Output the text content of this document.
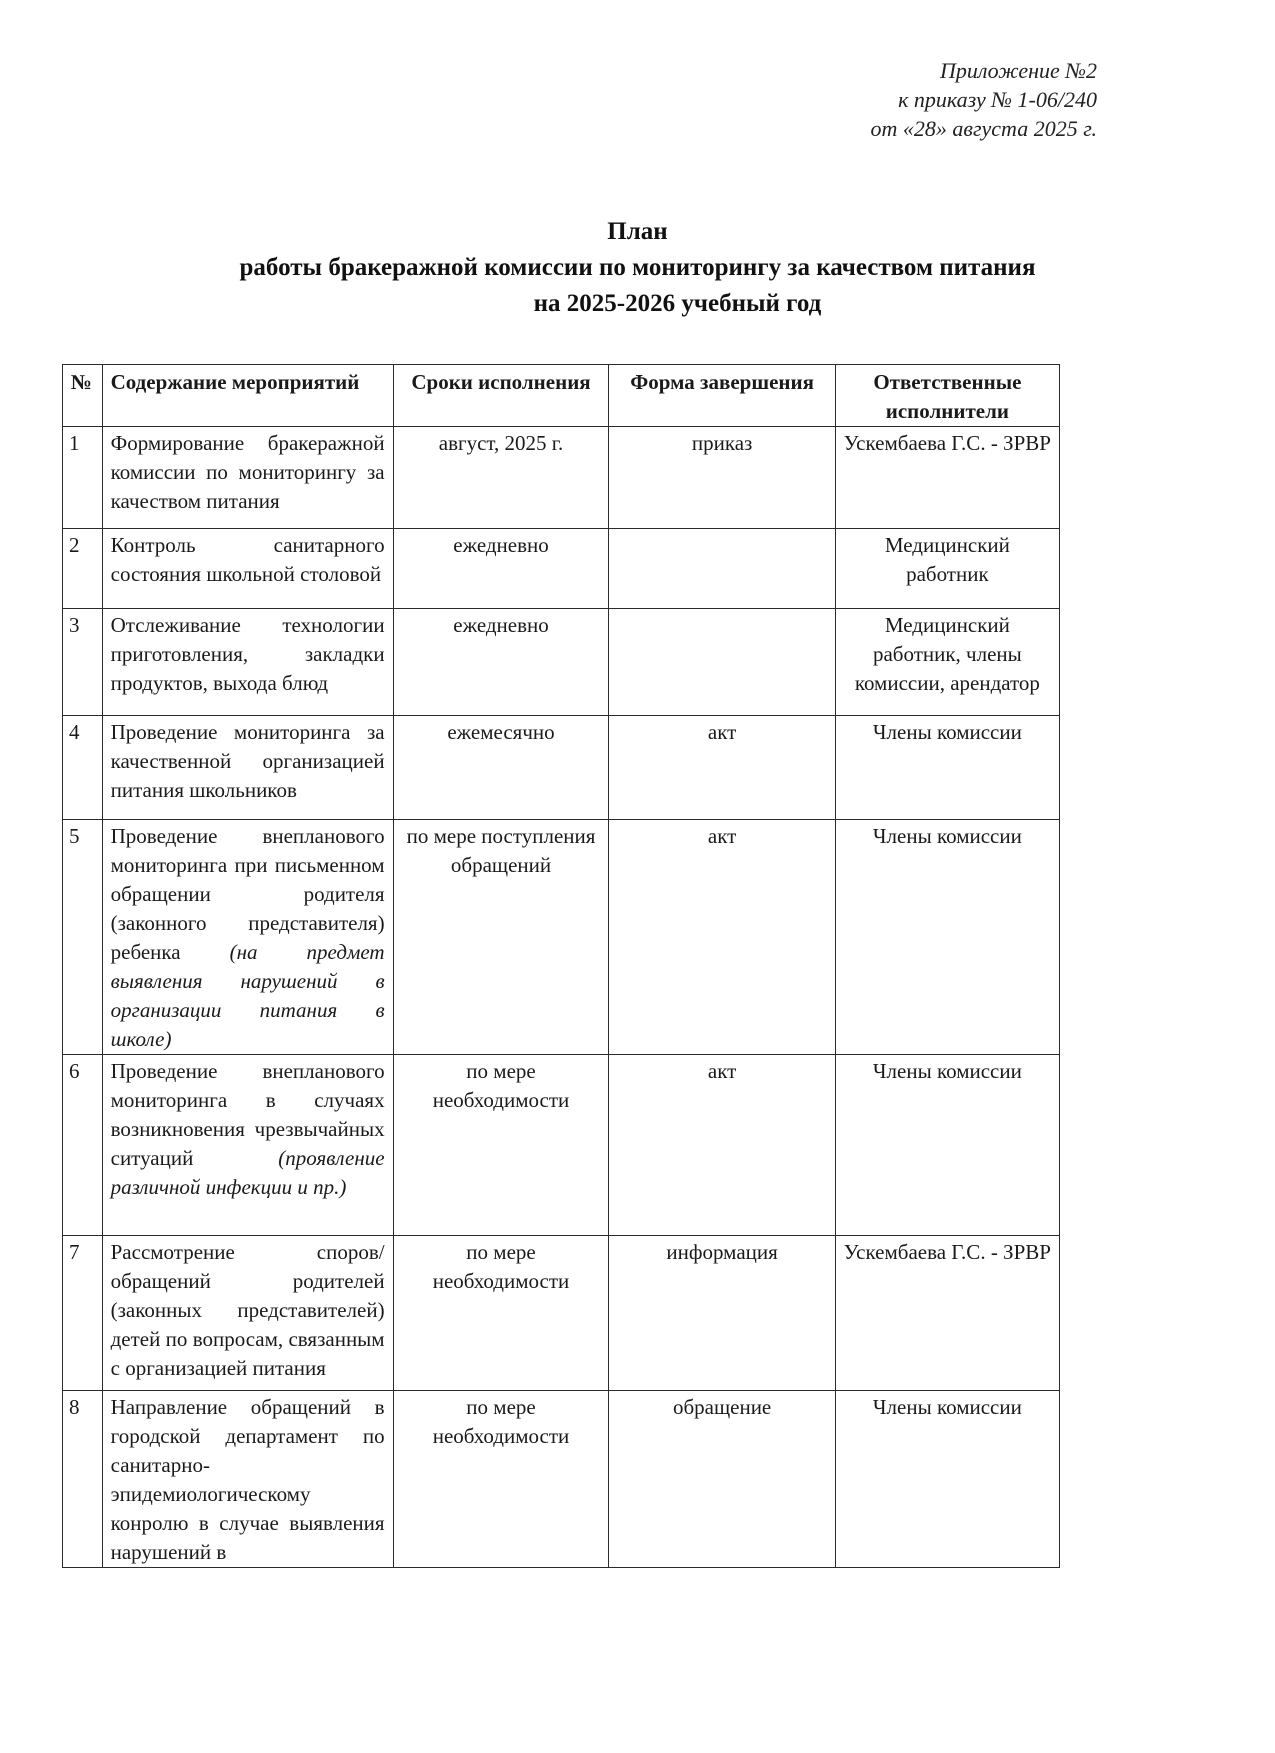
Приложение №2
к приказу № 1-06/240
от «28» августа 2025 г.
План
работы бракеражной комиссии по мониторингу за качеством питания
на 2025-2026 учебный год
№	Содержание мероприятий	Сроки исполнения	Форма завершения	Ответственные исполнители
1	Формирование бракеражной комиссии по мониторингу за качеством питания	август, 2025 г.	приказ	Ускембаева Г.С. - ЗРВР
2	Контроль санитарного состояния школьной столовой	ежедневно		Медицинский работник
3	Отслеживание технологии приготовления, закладки продуктов, выхода блюд	ежедневно		Медицинский работник, члены комиссии, арендатор
4	Проведение мониторинга за качественной организацией питания школьников	ежемесячно	акт	Члены комиссии
5	Проведение внепланового мониторинга при письменном обращении родителя (законного представителя) ребенка (на предмет выявления нарушений в организации питания в школе)	по мере поступления обращений	акт	Члены комиссии
6	Проведение внепланового мониторинга в случаях возникновения чрезвычайных ситуаций (проявление различной инфекции и пр.)	по мере необходимости	акт	Члены комиссии
7	Рассмотрение споров/ обращений родителей (законных представителей) детей по вопросам, связанным с организацией питания	по мере необходимости	информация	Ускембаева Г.С. - ЗРВР
8	Направление обращений в городской департамент по санитарно-эпидемиологическому конролю в случае выявления нарушений в	по мере необходимости	обращение	Члены комиссии
